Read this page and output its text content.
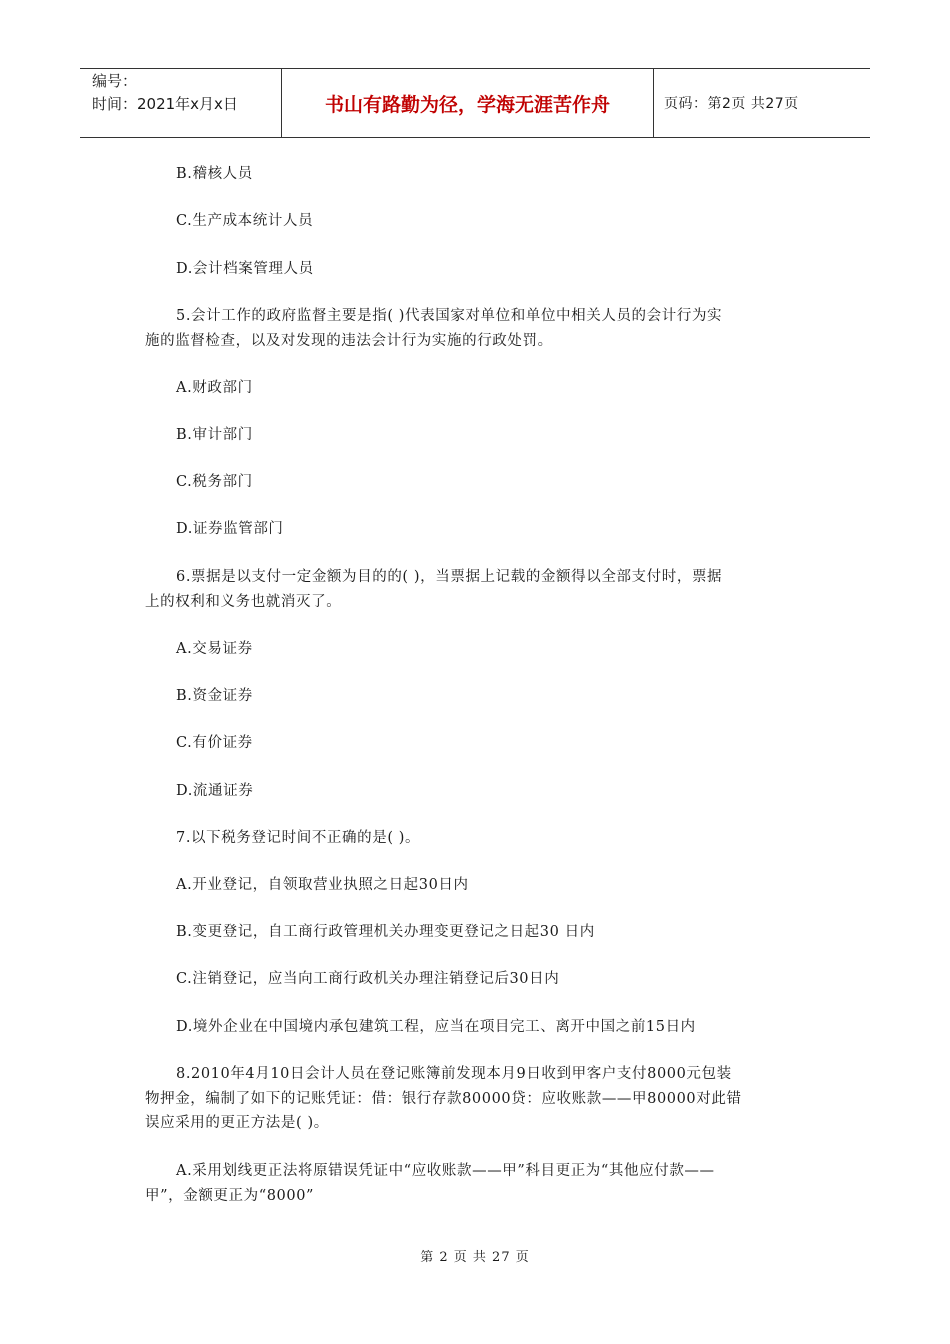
编号：
时间：2021年x月x日	书山有路勤为径，学海无涯苦作舟	页码：第2页 共27页
B.稽核人员
C.生产成本统计人员
D.会计档案管理人员
5.会计工作的政府监督主要是指( )代表国家对单位和单位中相关人员的会计行为实
施的监督检查，以及对发现的违法会计行为实施的行政处罚。
A.财政部门
B.审计部门
C.税务部门
D.证券监管部门
6.票据是以支付一定金额为目的的( )，当票据上记载的金额得以全部支付时，票据
上的权利和义务也就消灭了。
A.交易证券
B.资金证券
C.有价证券
D.流通证券
7.以下税务登记时间不正确的是( )。
A.开业登记，自领取营业执照之日起30日内
B.变更登记，自工商行政管理机关办理变更登记之日起30 日内
C.注销登记，应当向工商行政机关办理注销登记后30日内
D.境外企业在中国境内承包建筑工程，应当在项目完工、离开中国之前15日内
8.2010年4月10日会计人员在登记账簿前发现本月9日收到甲客户支付8000元包装
物押金，编制了如下的记账凭证：借：银行存款80000贷：应收账款——甲80000对此错
误应采用的更正方法是( )。
A.采用划线更正法将原错误凭证中“应收账款——甲”科目更正为“其他应付款——
甲”，金额更正为“8000”
第 2 页 共 27 页
